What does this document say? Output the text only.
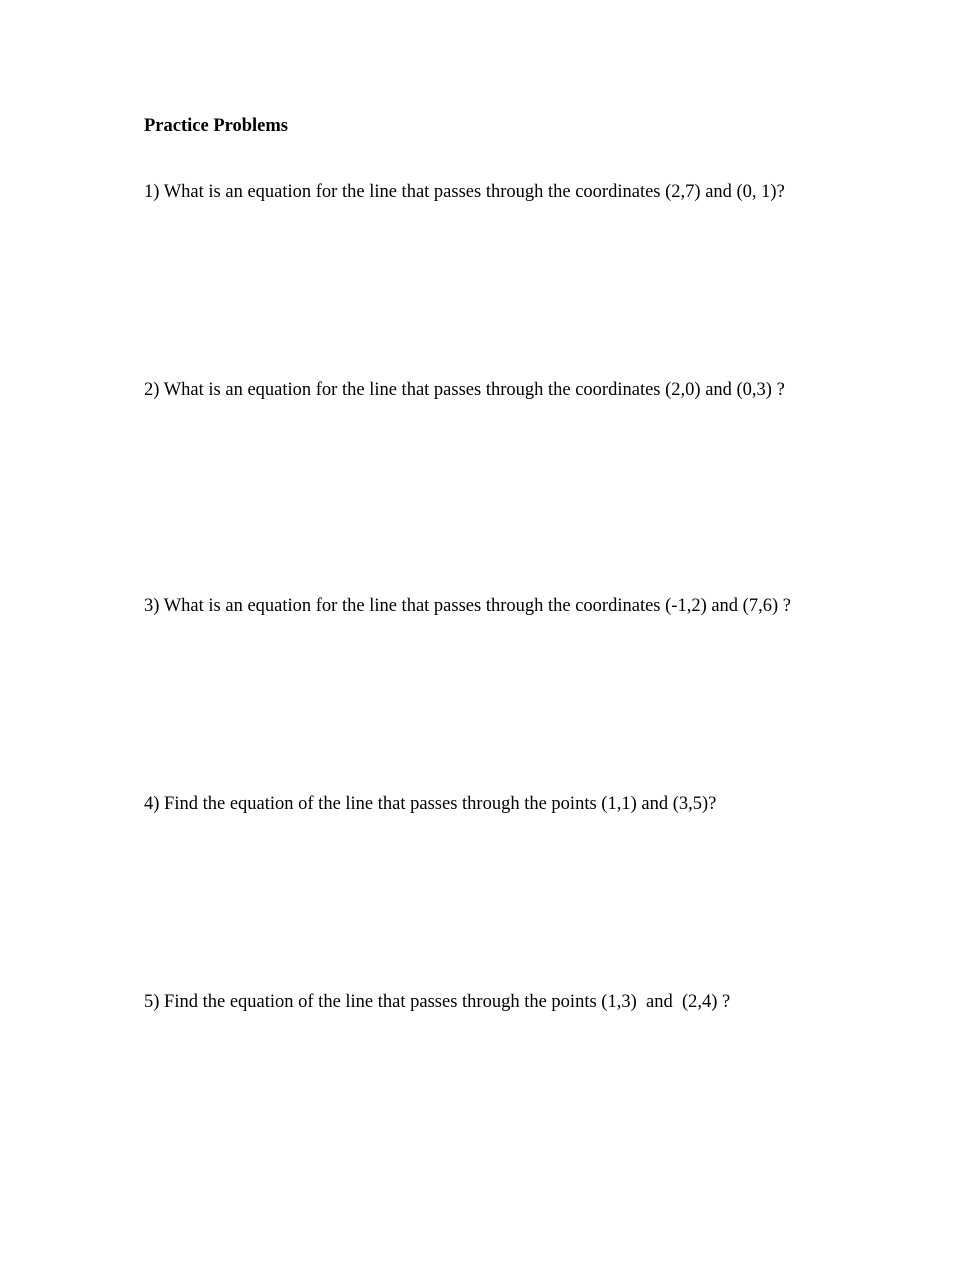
Practice Problems
1) What is an equation for the line that passes through the coordinates (2,7) and (0, 1)?
2) What is an equation for the line that passes through the coordinates (2,0) and (0,3) ?
3) What is an equation for the line that passes through the coordinates (-1,2) and (7,6) ?
4) Find the equation of the line that passes through the points (1,1) and (3,5)?
5) Find the equation of the line that passes through the points (1,3)  and  (2,4) ?
